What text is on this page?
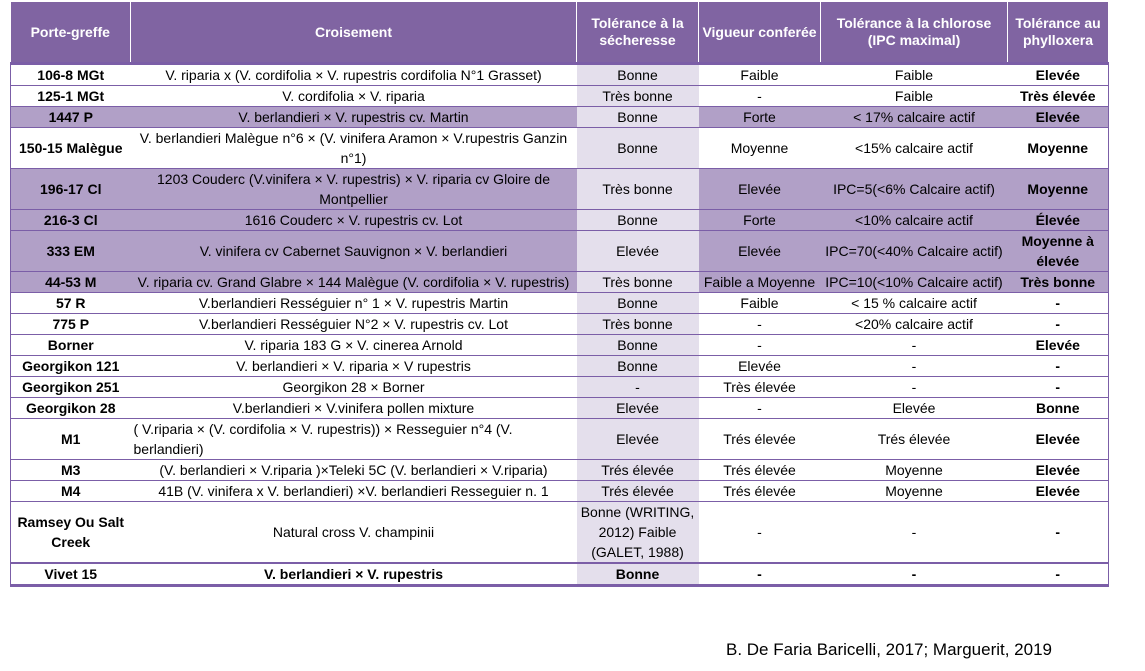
Porte-greffe	Croisement	Tolérance à la sécheresse	Vigueur conferée	Tolérance à la chlorose (IPC maximal)	Tolérance au phylloxera
106-8 MGt	V. riparia x (V. cordifolia × V. rupestris cordifolia N°1 Grasset)	Bonne	Faible	Faible	Elevée
125-1 MGt	V. cordifolia × V. riparia	Très bonne	-	Faible	Très élevée
1447 P	V. berlandieri × V. rupestris cv. Martin	Bonne	Forte	< 17% calcaire actif	Elevée
150-15 Malègue	V. berlandieri Malègue n°6 × (V. vinifera Aramon × V.rupestris Ganzin n°1)	Bonne	Moyenne	<15% calcaire actif	Moyenne
196-17 Cl	1203 Couderc (V.vinifera × V. rupestris) × V. riparia cv Gloire de Montpellier	Très bonne	Elevée	IPC=5(<6% Calcaire actif)	Moyenne
216-3 Cl	1616 Couderc × V. rupestris cv. Lot	Bonne	Forte	<10% calcaire actif	Élevée
333 EM	V. vinifera cv Cabernet Sauvignon × V. berlandieri	Elevée	Elevée	IPC=70(<40% Calcaire actif)	Moyenne à élevée
44-53 M	V. riparia cv. Grand Glabre × 144 Malègue (V. cordifolia × V. rupestris)	Très bonne	Faible a Moyenne	IPC=10(<10% Calcaire actif)	Très bonne
57 R	V.berlandieri Rességuier n° 1 × V. rupestris Martin	Bonne	Faible	< 15 % calcaire actif	-
775 P	V.berlandieri Rességuier N°2 × V. rupestris cv. Lot	Très bonne	-	<20% calcaire actif	-
Borner	V. riparia 183 G × V. cinerea Arnold	Bonne	-	-	Elevée
Georgikon 121	V. berlandieri × V. riparia × V rupestris	Bonne	Elevée	-	-
Georgikon 251	Georgikon 28 × Borner	-	Très élevée	-	-
Georgikon 28	V.berlandieri × V.vinifera pollen mixture	Elevée	-	Elevée	Bonne
M1	( V.riparia × (V. cordifolia × V. rupestris)) × Resseguier n°4 (V. berlandieri)	Elevée	Trés élevée	Trés élevée	Elevée
M3	(V. berlandieri × V.riparia )×Teleki 5C (V. berlandieri × V.riparia)	Trés élevée	Trés élevée	Moyenne	Elevée
M4	41B (V. vinifera x V. berlandieri) ×V. berlandieri Resseguier n. 1	Trés élevée	Trés élevée	Moyenne	Elevée
Ramsey Ou Salt Creek	Natural cross V. champinii	Bonne (WRITING, 2012) Faible (GALET, 1988)	-	-	-
Vivet 15	V. berlandieri × V. rupestris	Bonne	-	-	-
B. De Faria Baricelli, 2017; Marguerit, 2019
